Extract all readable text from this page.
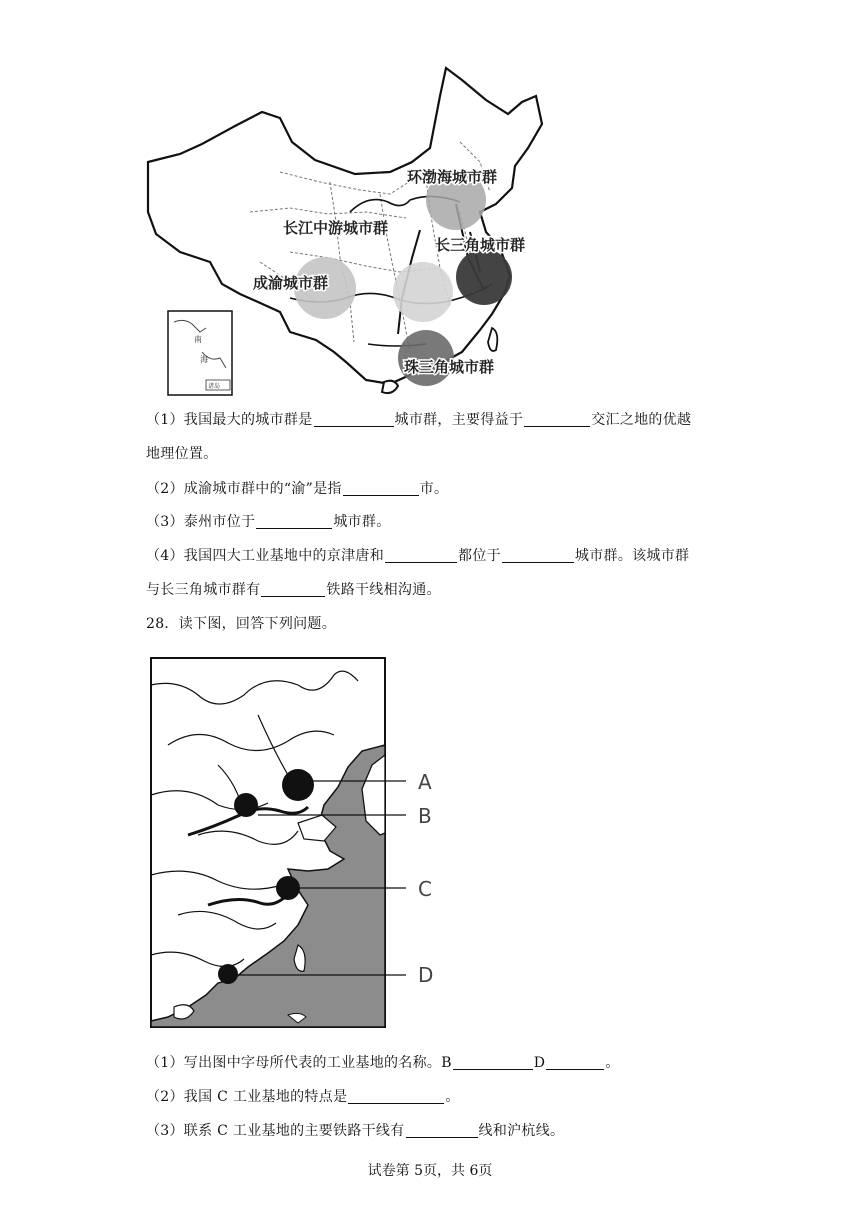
环渤海城市群
长江中游城市群
长三角城市群
成渝城市群
珠三角城市群
南
海
诸岛
（1）我国最大的城市群是	城市群，主要得益于	交汇之地的优越
地理位置。
（2）成渝城市群中的“渝”是指	市。
（3）泰州市位于	城市群。
（4）我国四大工业基地中的京津唐和	都位于	城市群。该城市群
与长三角城市群有	铁路干线相沟通。
28．读下图，回答下列问题。
A
B
C
D
（1）写出图中字母所代表的工业基地的名称。B	D	。
（2）我国 C 工业基地的特点是	。
（3）联系 C 工业基地的主要铁路干线有	线和沪杭线。
试卷第 5页，共 6页
